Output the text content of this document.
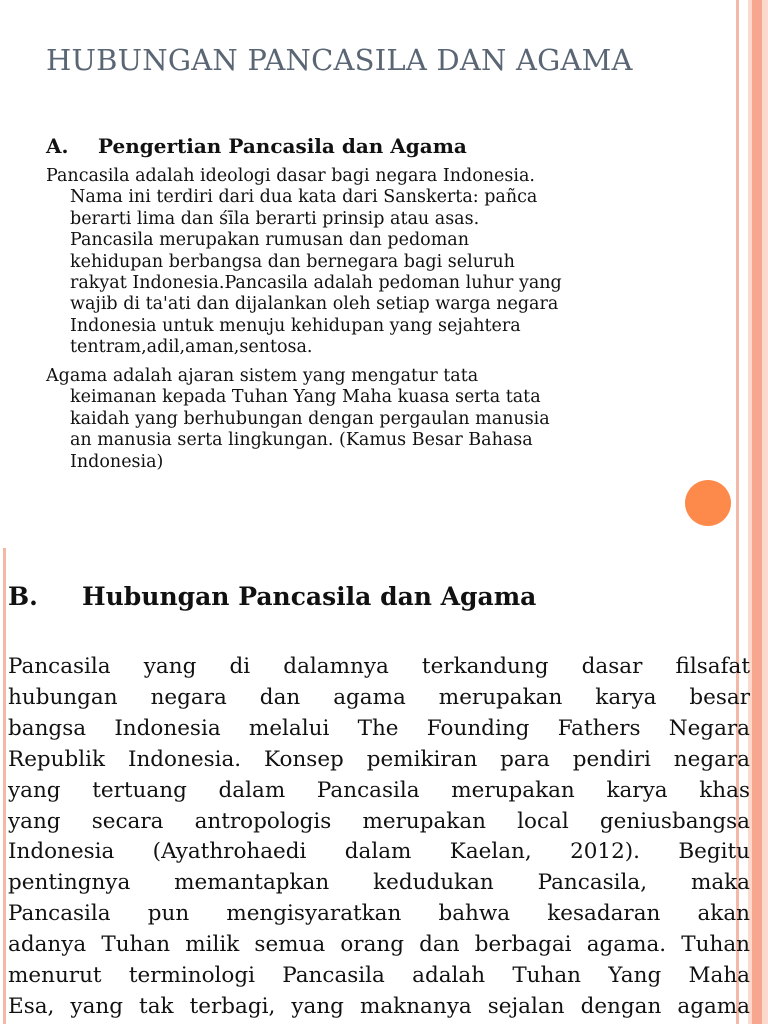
HUBUNGAN PANCASILA DAN AGAMA
A. Pengertian Pancasila dan Agama
Pancasila adalah ideologi dasar bagi negara Indonesia.
Nama ini terdiri dari dua kata dari Sanskerta: pañca
berarti lima dan śīla berarti prinsip atau asas.
Pancasila merupakan rumusan dan pedoman
kehidupan berbangsa dan bernegara bagi seluruh
rakyat Indonesia.Pancasila adalah pedoman luhur yang
wajib di ta'ati dan dijalankan oleh setiap warga negara
Indonesia untuk menuju kehidupan yang sejahtera
tentram,adil,aman,sentosa.
Agama adalah ajaran sistem yang mengatur tata
keimanan kepada Tuhan Yang Maha kuasa serta tata
kaidah yang berhubungan dengan pergaulan manusia
an manusia serta lingkungan. (Kamus Besar Bahasa
Indonesia)
B. Hubungan Pancasila dan Agama
Pancasila yang di dalamnya terkandung dasar filsafat
hubungan negara dan agama merupakan karya besar
bangsa Indonesia melalui The Founding Fathers Negara
Republik Indonesia. Konsep pemikiran para pendiri negara
yang tertuang dalam Pancasila merupakan karya khas
yang secara antropologis merupakan local geniusbangsa
Indonesia (Ayathrohaedi dalam Kaelan, 2012). Begitu
pentingnya memantapkan kedudukan Pancasila, maka
Pancasila pun mengisyaratkan bahwa kesadaran akan
adanya Tuhan milik semua orang dan berbagai agama. Tuhan
menurut terminologi Pancasila adalah Tuhan Yang Maha
Esa, yang tak terbagi, yang maknanya sejalan dengan agama
